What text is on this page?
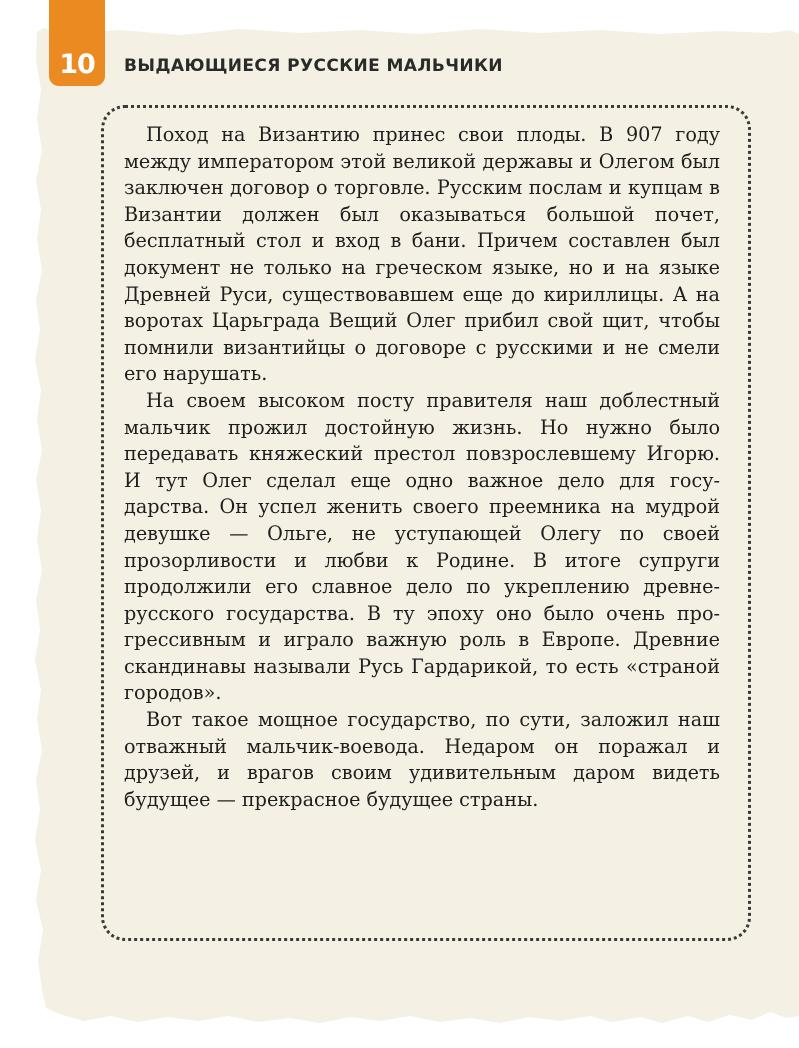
10 ВЫДАЮЩИЕСЯ РУССКИЕ МАЛЬЧИКИ

Поход на Византию принес свои плоды. В 907 году между императором этой великой державы и Олегом был заключен договор о торговле. Русским послам и купцам в Византии должен был оказываться большой почет, бесплатный стол и вход в бани. Причем составлен был документ не только на греческом языке, но и на языке Древней Руси, существовавшем еще до кириллицы. А на воротах Царьграда Вещий Олег прибил свой щит, чтобы помнили византийцы о договоре с русскими и не смели его нарушать.

На своем высоком посту правителя наш доблестный мальчик прожил достойную жизнь. Но нужно было передавать княжеский престол повзрослевшему Игорю. И тут Олег сделал еще одно важное дело для государства. Он успел женить своего преемника на мудрой девушке — Ольге, не уступающей Олегу по своей прозорливости и любви к Родине. В итоге супруги продолжили его славное дело по укреплению древнерусского государства. В ту эпоху оно было очень прогрессивным и играло важную роль в Европе. Древние скандинавы называли Русь Гардарикой, то есть «страной городов».

Вот такое мощное государство, по сути, заложил наш отважный мальчик-воевода. Недаром он поражал и друзей, и врагов своим удивительным даром видеть будущее — прекрасное будущее страны.
